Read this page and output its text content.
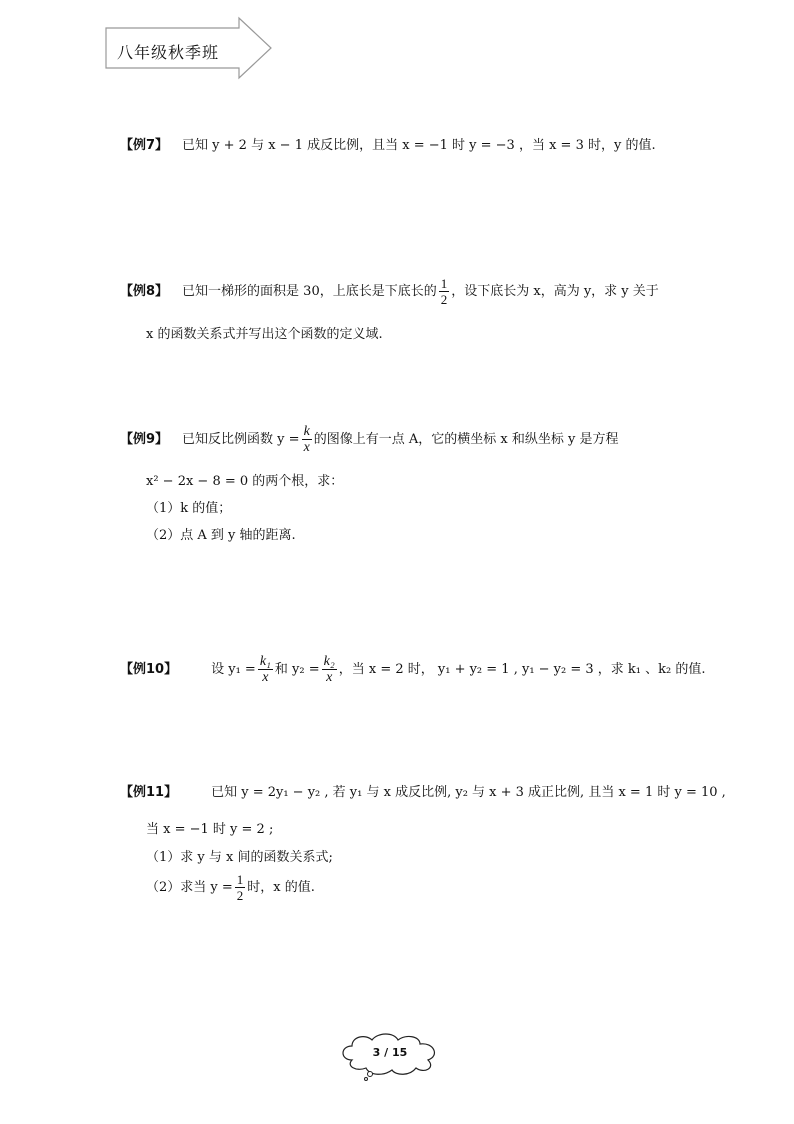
八年级秋季班
【例7】 已知 y + 2 与 x − 1 成反比例，且当 x = −1 时 y = −3 ，当 x = 3 时，y 的值.
【例8】 已知一梯形的面积是 30，上底长是下底长的 $\frac{1}{2}$ ，设下底长为 x，高为 y，求 y 关于
x 的函数关系式并写出这个函数的定义域.
【例9】 已知反比例函数 $y = \frac{k}{x}$ 的图像上有一点 A，它的横坐标 x 和纵坐标 y 是方程
x² − 2x − 8 = 0 的两个根，求：
（1）k 的值；
（2）点 A 到 y 轴的距离.
【例10】	设 $y_1 = \frac{\text{k₁}}{x}$ 和 $y_2 = \frac{\text{k₂}}{x}$ ，当 x = 2 时， y₁ + y₂ = 1 , y₁ − y₂ = 3 ，求 k₁ 、k₂ 的值.
【例11】	已知 y = 2y₁ − y₂ , 若 y₁ 与 x 成反比例, y₂ 与 x + 3 成正比例, 且当 x = 1 时 y = 10 ,
当 x = −1 时 y = 2 ;
（1）求 y 与 x 间的函数关系式;
（2）求当 $y = \frac{1}{2}$ 时，x 的值.
3 / 15
